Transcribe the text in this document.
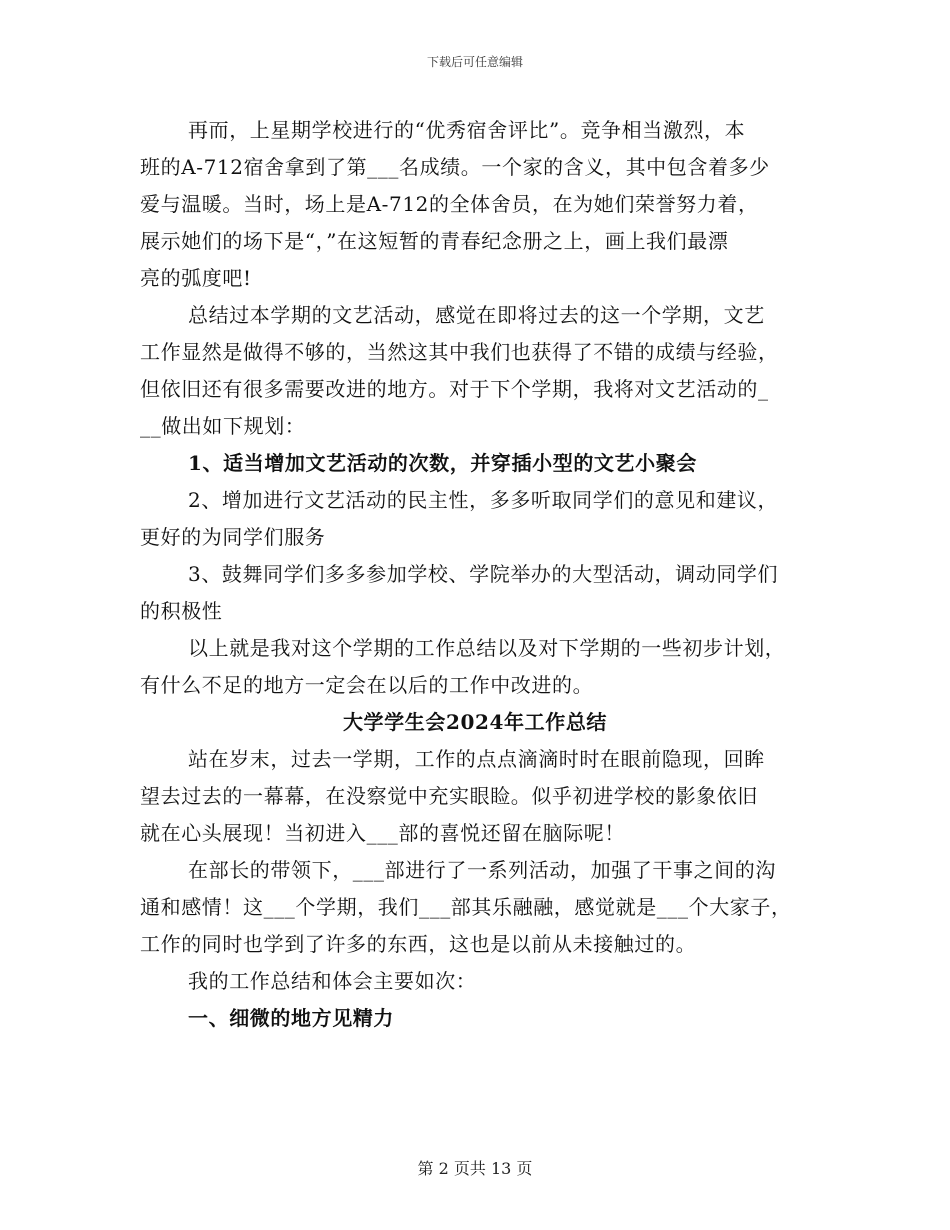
下载后可任意编辑
再而，上星期学校进行的“优秀宿舍评比”。竞争相当激烈，本
班的A-712宿舍拿到了第___名成绩。一个家的含义，其中包含着多少
爱与温暖。当时，场上是A-712的全体舍员，在为她们荣誉努力着，
展示她们的场下是“，”在这短暂的青春纪念册之上，画上我们最漂
亮的弧度吧!
总结过本学期的文艺活动，感觉在即将过去的这一个学期，文艺
工作显然是做得不够的，当然这其中我们也获得了不错的成绩与经验，
但依旧还有很多需要改进的地方。对于下个学期，我将对文艺活动的_
__做出如下规划：
1、适当增加文艺活动的次数，并穿插小型的文艺小聚会
2、增加进行文艺活动的民主性，多多听取同学们的意见和建议，
更好的为同学们服务
3、鼓舞同学们多多参加学校、学院举办的大型活动，调动同学们
的积极性
以上就是我对这个学期的工作总结以及对下学期的一些初步计划，
有什么不足的地方一定会在以后的工作中改进的。
大学学生会2024年工作总结
站在岁末，过去一学期，工作的点点滴滴时时在眼前隐现，回眸
望去过去的一幕幕，在没察觉中充实眼睑。似乎初进学校的影象依旧
就在心头展现！当初进入___部的喜悦还留在脑际呢！
在部长的带领下，___部进行了一系列活动，加强了干事之间的沟
通和感情！这___个学期，我们___部其乐融融，感觉就是___个大家子，
工作的同时也学到了许多的东西，这也是以前从未接触过的。
我的工作总结和体会主要如次：
一、细微的地方见精力
第 2 页共 13 页
